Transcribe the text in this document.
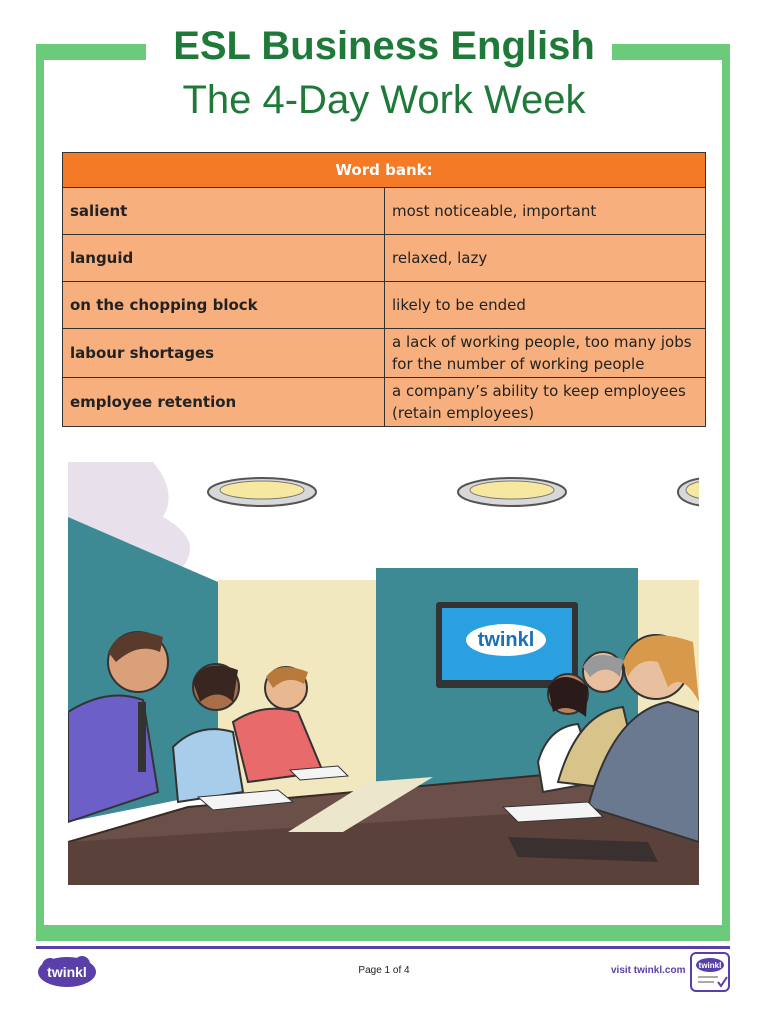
ESL Business English
The 4-Day Work Week
Word bank:	
salient	most noticeable, important
languid	relaxed, lazy
on the chopping block	likely to be ended
labour shortages	a lack of working people, too many jobs for the number of working people
employee retention	a company’s ability to keep employees (retain employees)
twinkl
twinkl	Page 1 of 4	visit twinkl.com twinkl
